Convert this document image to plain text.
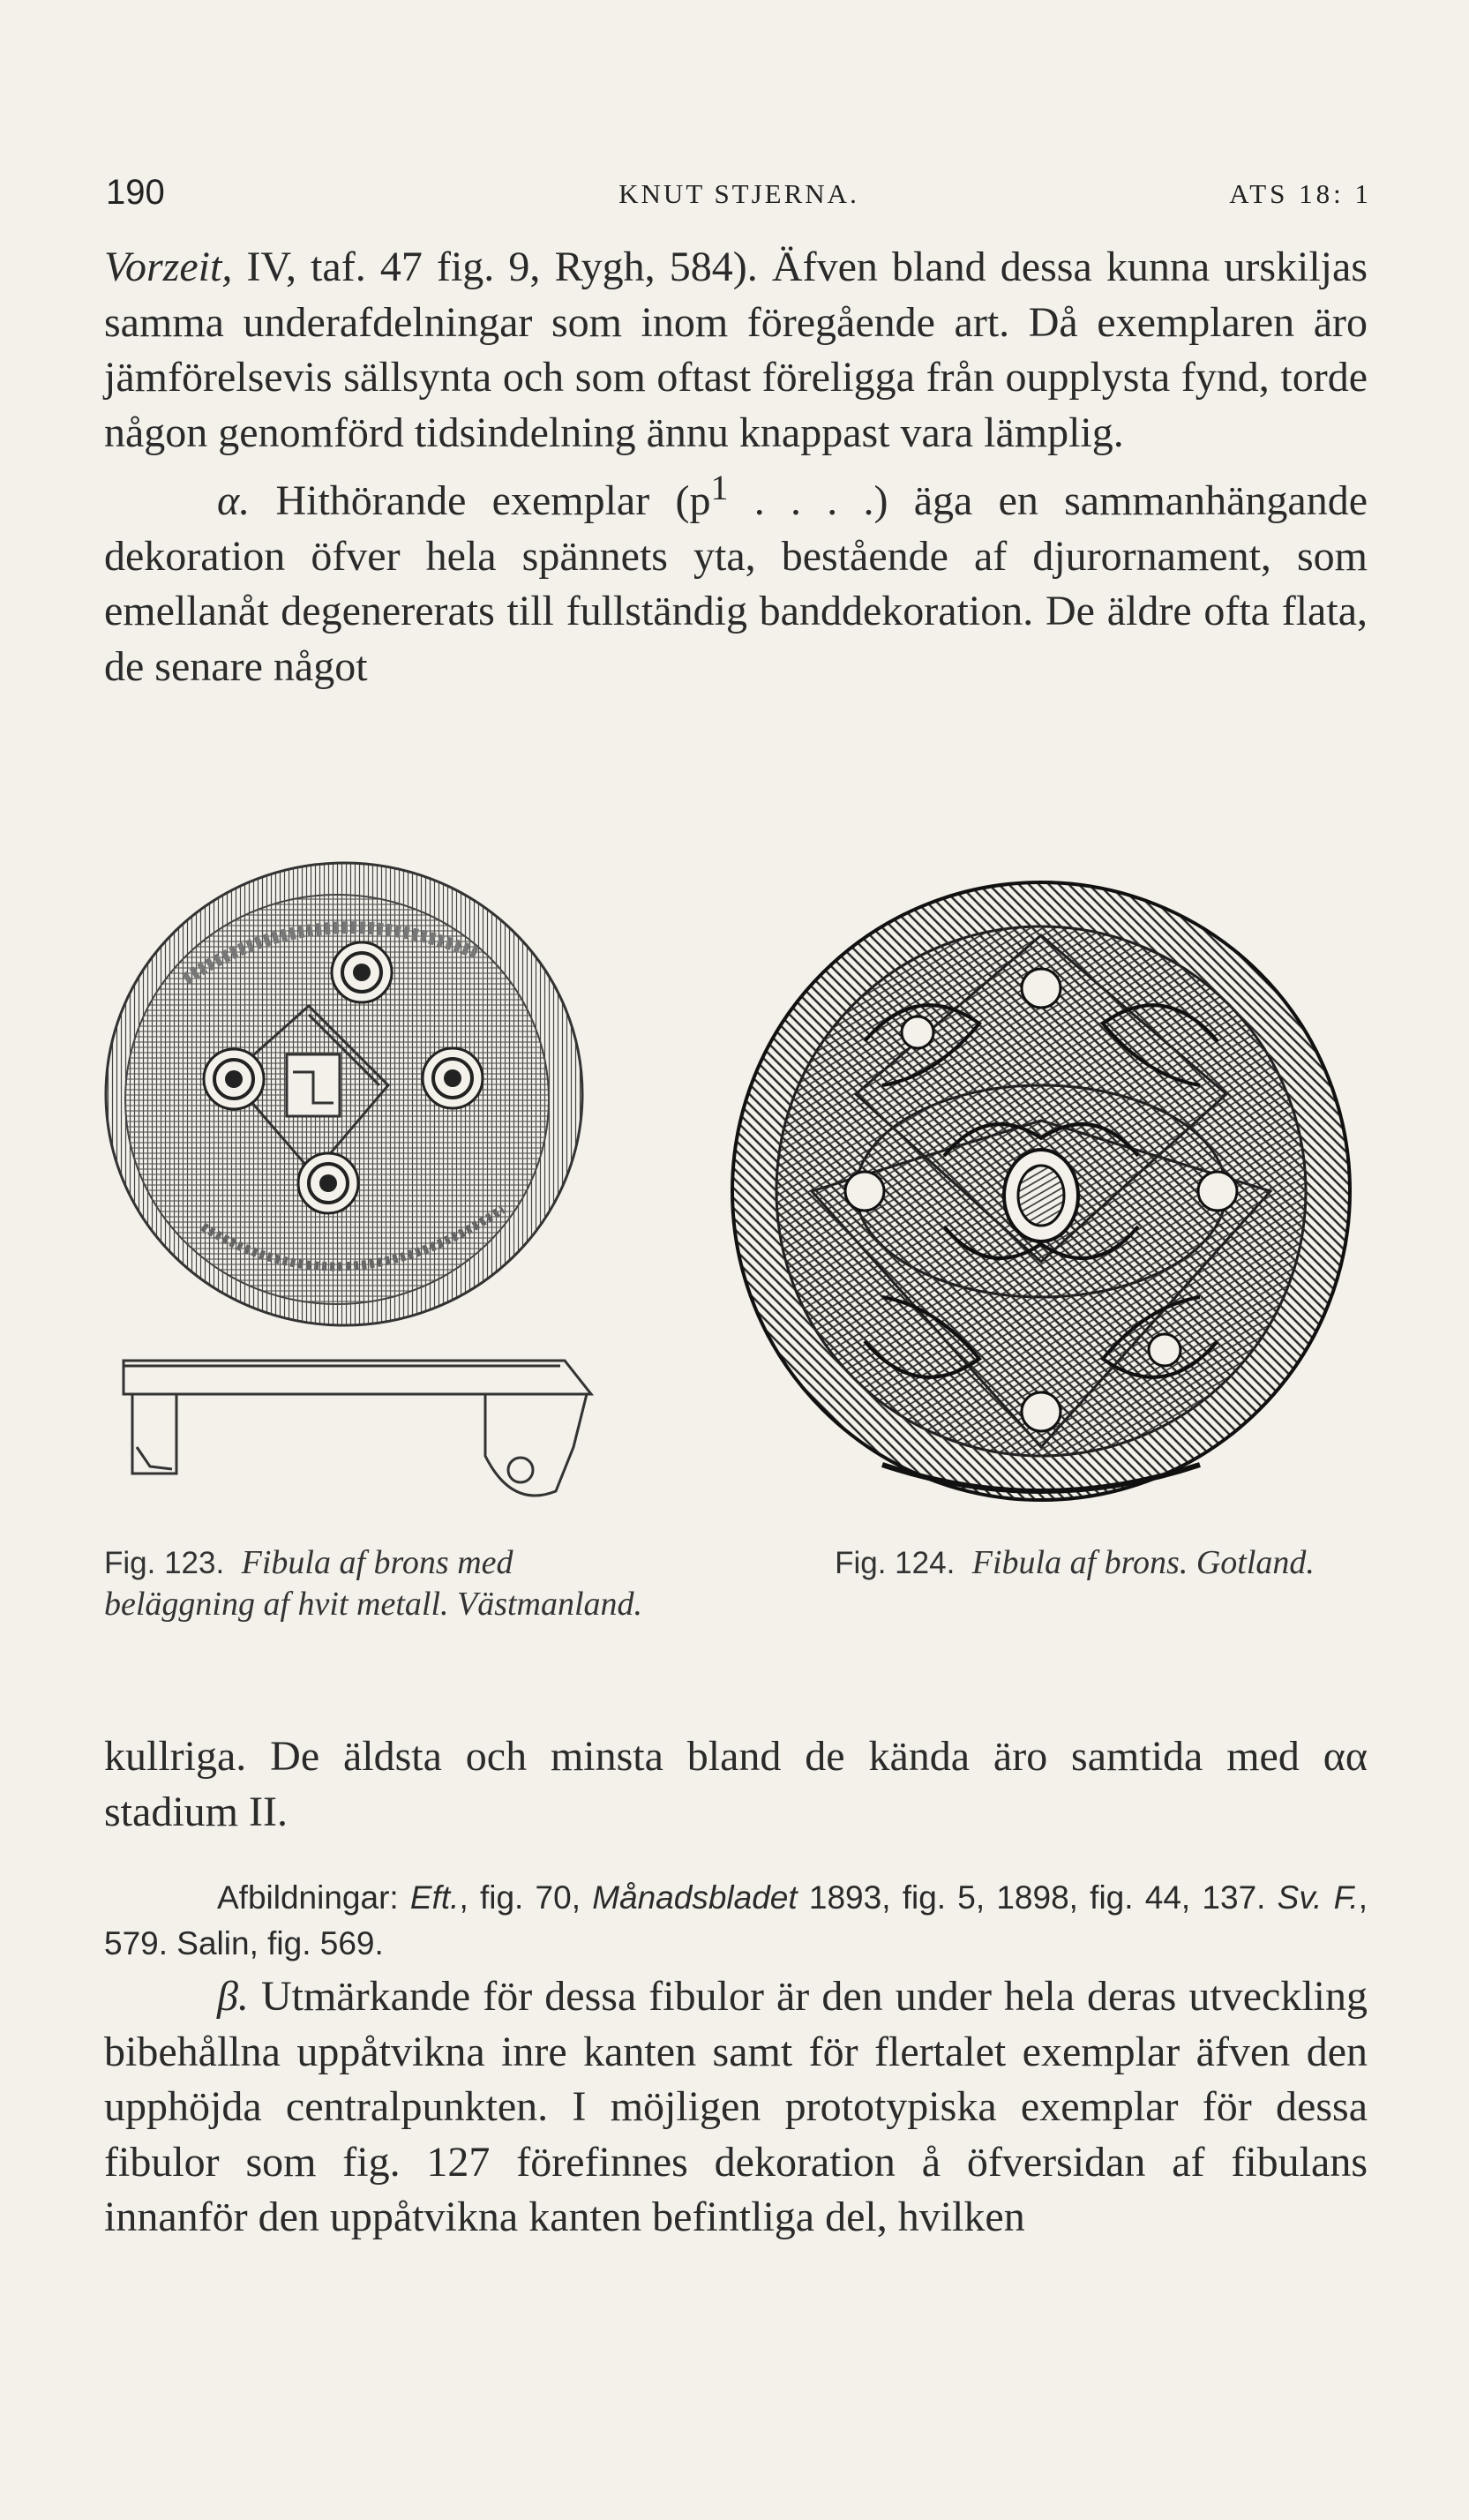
190	KNUT STJERNA.	ATS 18: 1
Vorzeit, IV, taf. 47 fig. 9, Rygh, 584). Äfven bland dessa kunna urskiljas samma underafdelningar som inom föregående art. Då exemplaren äro jämförelsevis sällsynta och som oftast föreligga från oupplysta fynd, torde någon genomförd tidsindelning ännu knappast vara lämplig.
α. Hithörande exemplar ($p^1$ . . . .) äga en sammanhängande dekoration öfver hela spännets yta, bestående af djurornament, som emellanåt degenererats till fullständig banddekoration. De äldre ofta flata, de senare något
Fig. 123. Fibula af brons med beläggning af hvit metall. Västmanland.
Fig. 124. Fibula af brons. Gotland.
kullriga. De äldsta och minsta bland de kända äro samtida med αα stadium II.
Afbildningar: Eft., fig. 70, Månadsbladet 1893, fig. 5, 1898, fig. 44, 137. Sv. F., 579. Salin, fig. 569.
β. Utmärkande för dessa fibulor är den under hela deras utveckling bibehållna uppåtvikna inre kanten samt för flertalet exemplar äfven den upphöjda centralpunkten. I möjligen prototypiska exemplar för dessa fibulor som fig. 127 förefinnes dekoration å öfversidan af fibulans innanför den uppåtvikna kanten befintliga del, hvilken
